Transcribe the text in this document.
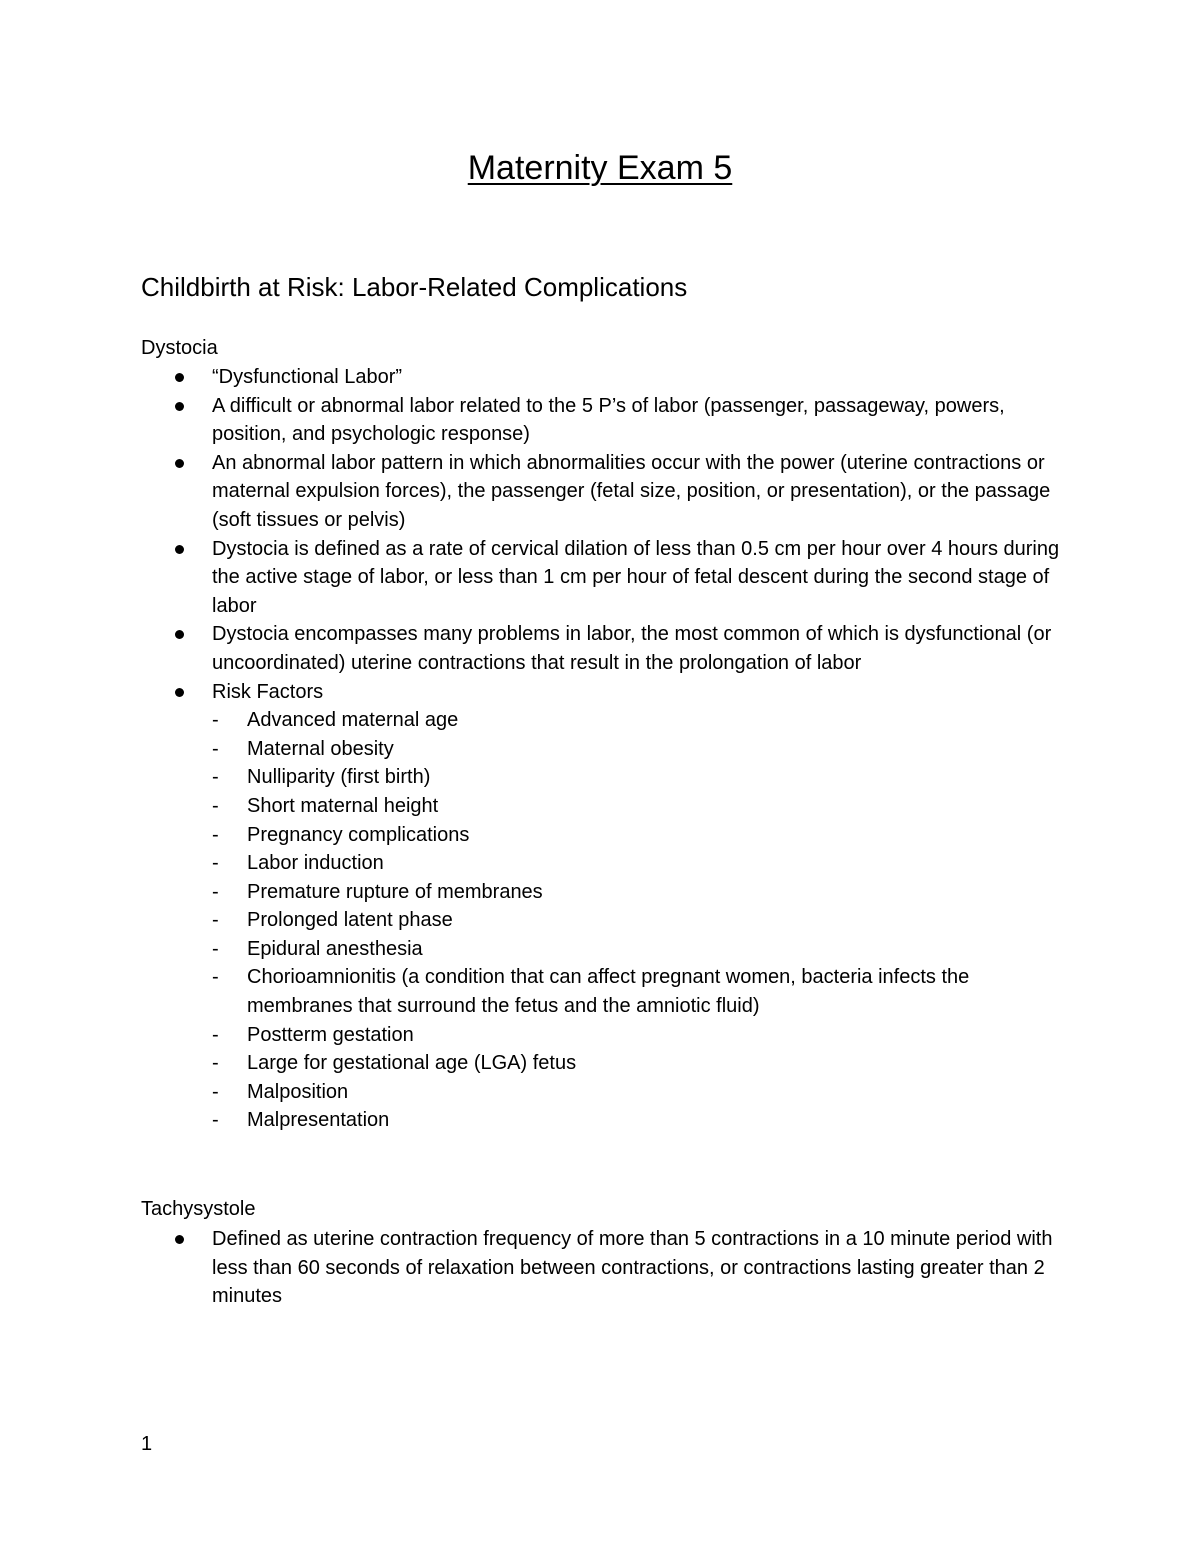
Maternity Exam 5
Childbirth at Risk: Labor-Related Complications
Dystocia
“Dysfunctional Labor”
A difficult or abnormal labor related to the 5 P’s of labor (passenger, passageway, powers, position, and psychologic response)
An abnormal labor pattern in which abnormalities occur with the power (uterine contractions or maternal expulsion forces), the passenger (fetal size, position, or presentation), or the passage (soft tissues or pelvis)
Dystocia is defined as a rate of cervical dilation of less than 0.5 cm per hour over 4 hours during the active stage of labor, or less than 1 cm per hour of fetal descent during the second stage of labor
Dystocia encompasses many problems in labor, the most common of which is dysfunctional (or uncoordinated) uterine contractions that result in the prolongation of labor
Risk Factors
- Advanced maternal age
- Maternal obesity
- Nulliparity (first birth)
- Short maternal height
- Pregnancy complications
- Labor induction
- Premature rupture of membranes
- Prolonged latent phase
- Epidural anesthesia
- Chorioamnionitis (a condition that can affect pregnant women, bacteria infects the membranes that surround the fetus and the amniotic fluid)
- Postterm gestation
- Large for gestational age (LGA) fetus
- Malposition
- Malpresentation
Tachysystole
Defined as uterine contraction frequency of more than 5 contractions in a 10 minute period with less than 60 seconds of relaxation between contractions, or contractions lasting greater than 2 minutes
1
